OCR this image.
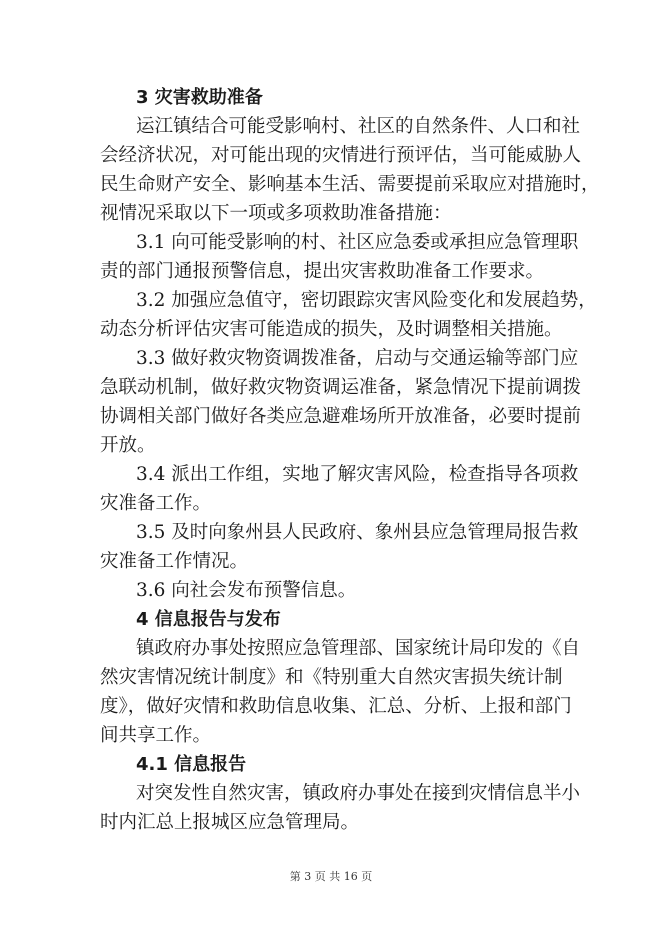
3 灾害救助准备
运江镇结合可能受影响村、社区的自然条件、人口和社
会经济状况，对可能出现的灾情进行预评估，当可能威胁人
民生命财产安全、影响基本生活、需要提前采取应对措施时，
视情况采取以下一项或多项救助准备措施：
3.1 向可能受影响的村、社区应急委或承担应急管理职
责的部门通报预警信息，提出灾害救助准备工作要求。
3.2 加强应急值守，密切跟踪灾害风险变化和发展趋势，
动态分析评估灾害可能造成的损失，及时调整相关措施。
3.3 做好救灾物资调拨准备，启动与交通运输等部门应
急联动机制，做好救灾物资调运准备，紧急情况下提前调拨
协调相关部门做好各类应急避难场所开放准备，必要时提前
开放。
3.4 派出工作组，实地了解灾害风险，检查指导各项救
灾准备工作。
3.5 及时向象州县人民政府、象州县应急管理局报告救
灾准备工作情况。
3.6 向社会发布预警信息。
4 信息报告与发布
镇政府办事处按照应急管理部、国家统计局印发的《自
然灾害情况统计制度》和《特别重大自然灾害损失统计制
度》，做好灾情和救助信息收集、汇总、分析、上报和部门
间共享工作。
4.1 信息报告
对突发性自然灾害，镇政府办事处在接到灾情信息半小
时内汇总上报城区应急管理局。
第 3 页 共 16 页
